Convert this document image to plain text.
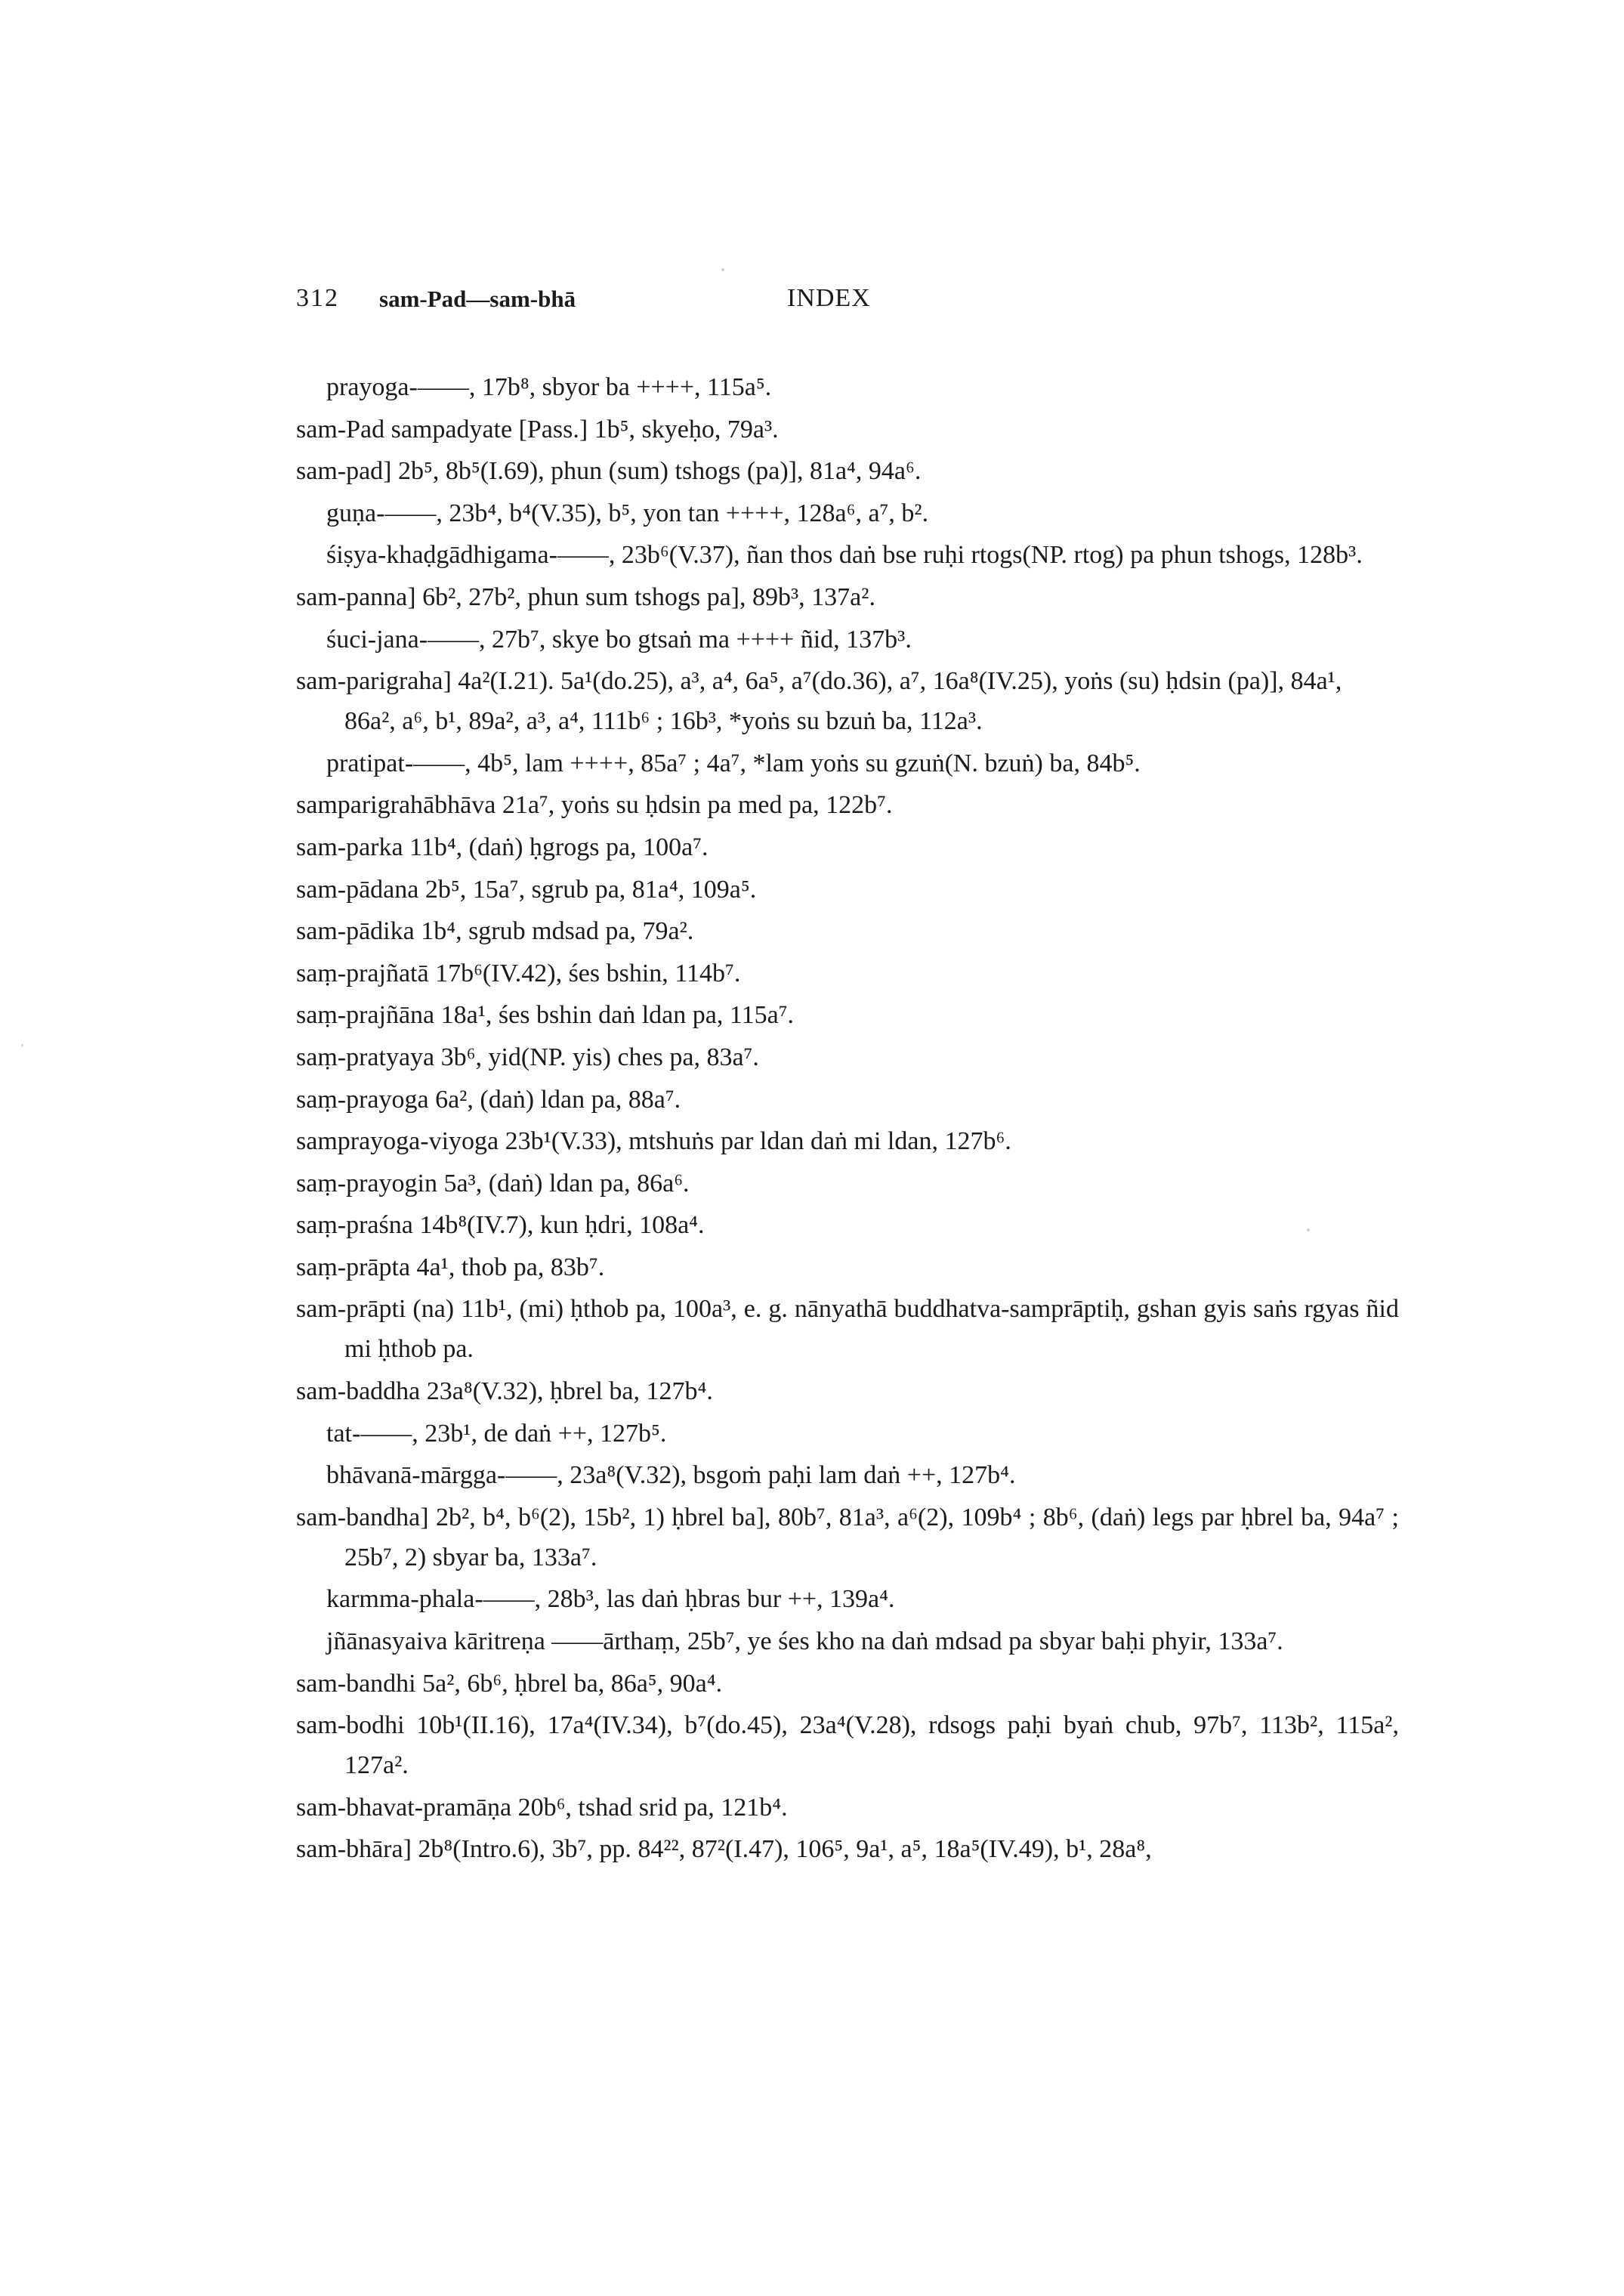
312 sam-Pad—sam-bhā	INDEX

prayoga-——, 17b⁸, sbyor ba ++++, 115a⁵.

sam-Pad sampadyate [Pass.] 1b⁵, skyeḥo, 79a³.

sam-pad] 2b⁵, 8b⁵(I.69), phun (sum) tshogs (pa)], 81a⁴, 94a⁶.

guṇa-——, 23b⁴, b⁴(V.35), b⁵, yon tan ++++, 128a⁶, a⁷, b².

śiṣya-khaḍgādhigama-——, 23b⁶(V.37), ñan thos daṅ bse ruḥi rtogs(NP. rtog) pa phun tshogs, 128b³.

sam-panna] 6b², 27b², phun sum tshogs pa], 89b³, 137a².

śuci-jana-——, 27b⁷, skye bo gtsaṅ ma ++++ ñid, 137b³.

sam-parigraha] 4a²(I.21). 5a¹(do.25), a³, a⁴, 6a⁵, a⁷(do.36), a⁷, 16a⁸(IV.25), yoṅs (su) ḥdsin (pa)], 84a¹, 86a², a⁶, b¹, 89a², a³, a⁴, 111b⁶ ; 16b³, *yoṅs su bzuṅ ba, 112a³.

pratipat-——, 4b⁵, lam ++++, 85a⁷ ; 4a⁷, *lam yoṅs su gzuṅ(N. bzuṅ) ba, 84b⁵.

samparigrahābhāva 21a⁷, yoṅs su ḥdsin pa med pa, 122b⁷.

sam-parka 11b⁴, (daṅ) ḥgrogs pa, 100a⁷.

sam-pādana 2b⁵, 15a⁷, sgrub pa, 81a⁴, 109a⁵.

sam-pādika 1b⁴, sgrub mdsad pa, 79a².

saṃ-prajñatā 17b⁶(IV.42), śes bshin, 114b⁷.

saṃ-prajñāna 18a¹, śes bshin daṅ ldan pa, 115a⁷.

saṃ-pratyaya 3b⁶, yid(NP. yis) ches pa, 83a⁷.

saṃ-prayoga 6a², (daṅ) ldan pa, 88a⁷.

samprayoga-viyoga 23b¹(V.33), mtshuṅs par ldan daṅ mi ldan, 127b⁶.

saṃ-prayogin 5a³, (daṅ) ldan pa, 86a⁶.

saṃ-praśna 14b⁸(IV.7), kun ḥdri, 108a⁴.

saṃ-prāpta 4a¹, thob pa, 83b⁷.

sam-prāpti (na) 11b¹, (mi) ḥthob pa, 100a³, e. g. nānyathā buddhatva-samprāptiḥ, gshan gyis saṅs rgyas ñid mi ḥthob pa.

sam-baddha 23a⁸(V.32), ḥbrel ba, 127b⁴.

tat-——, 23b¹, de daṅ ++, 127b⁵.

bhāvanā-mārgga-——, 23a⁸(V.32), bsgoṁ paḥi lam daṅ ++, 127b⁴.

sam-bandha] 2b², b⁴, b⁶(2), 15b², 1) ḥbrel ba], 80b⁷, 81a³, a⁶(2), 109b⁴ ; 8b⁶, (daṅ) legs par ḥbrel ba, 94a⁷ ; 25b⁷, 2) sbyar ba, 133a⁷.

karmma-phala-——, 28b³, las daṅ ḥbras bur ++, 139a⁴.

jñānasyaiva kāritreṇa ——ārthaṃ, 25b⁷, ye śes kho na daṅ mdsad pa sbyar baḥi phyir, 133a⁷.

sam-bandhi 5a², 6b⁶, ḥbrel ba, 86a⁵, 90a⁴.

sam-bodhi 10b¹(II.16), 17a⁴(IV.34), b⁷(do.45), 23a⁴(V.28), rdsogs paḥi byaṅ chub, 97b⁷, 113b², 115a², 127a².

sam-bhavat-pramāṇa 20b⁶, tshad srid pa, 121b⁴.

sam-bhāra] 2b⁸(Intro.6), 3b⁷, pp. 84²², 87²(I.47), 106⁵, 9a¹, a⁵, 18a⁵(IV.49), b¹, 28a⁸,
